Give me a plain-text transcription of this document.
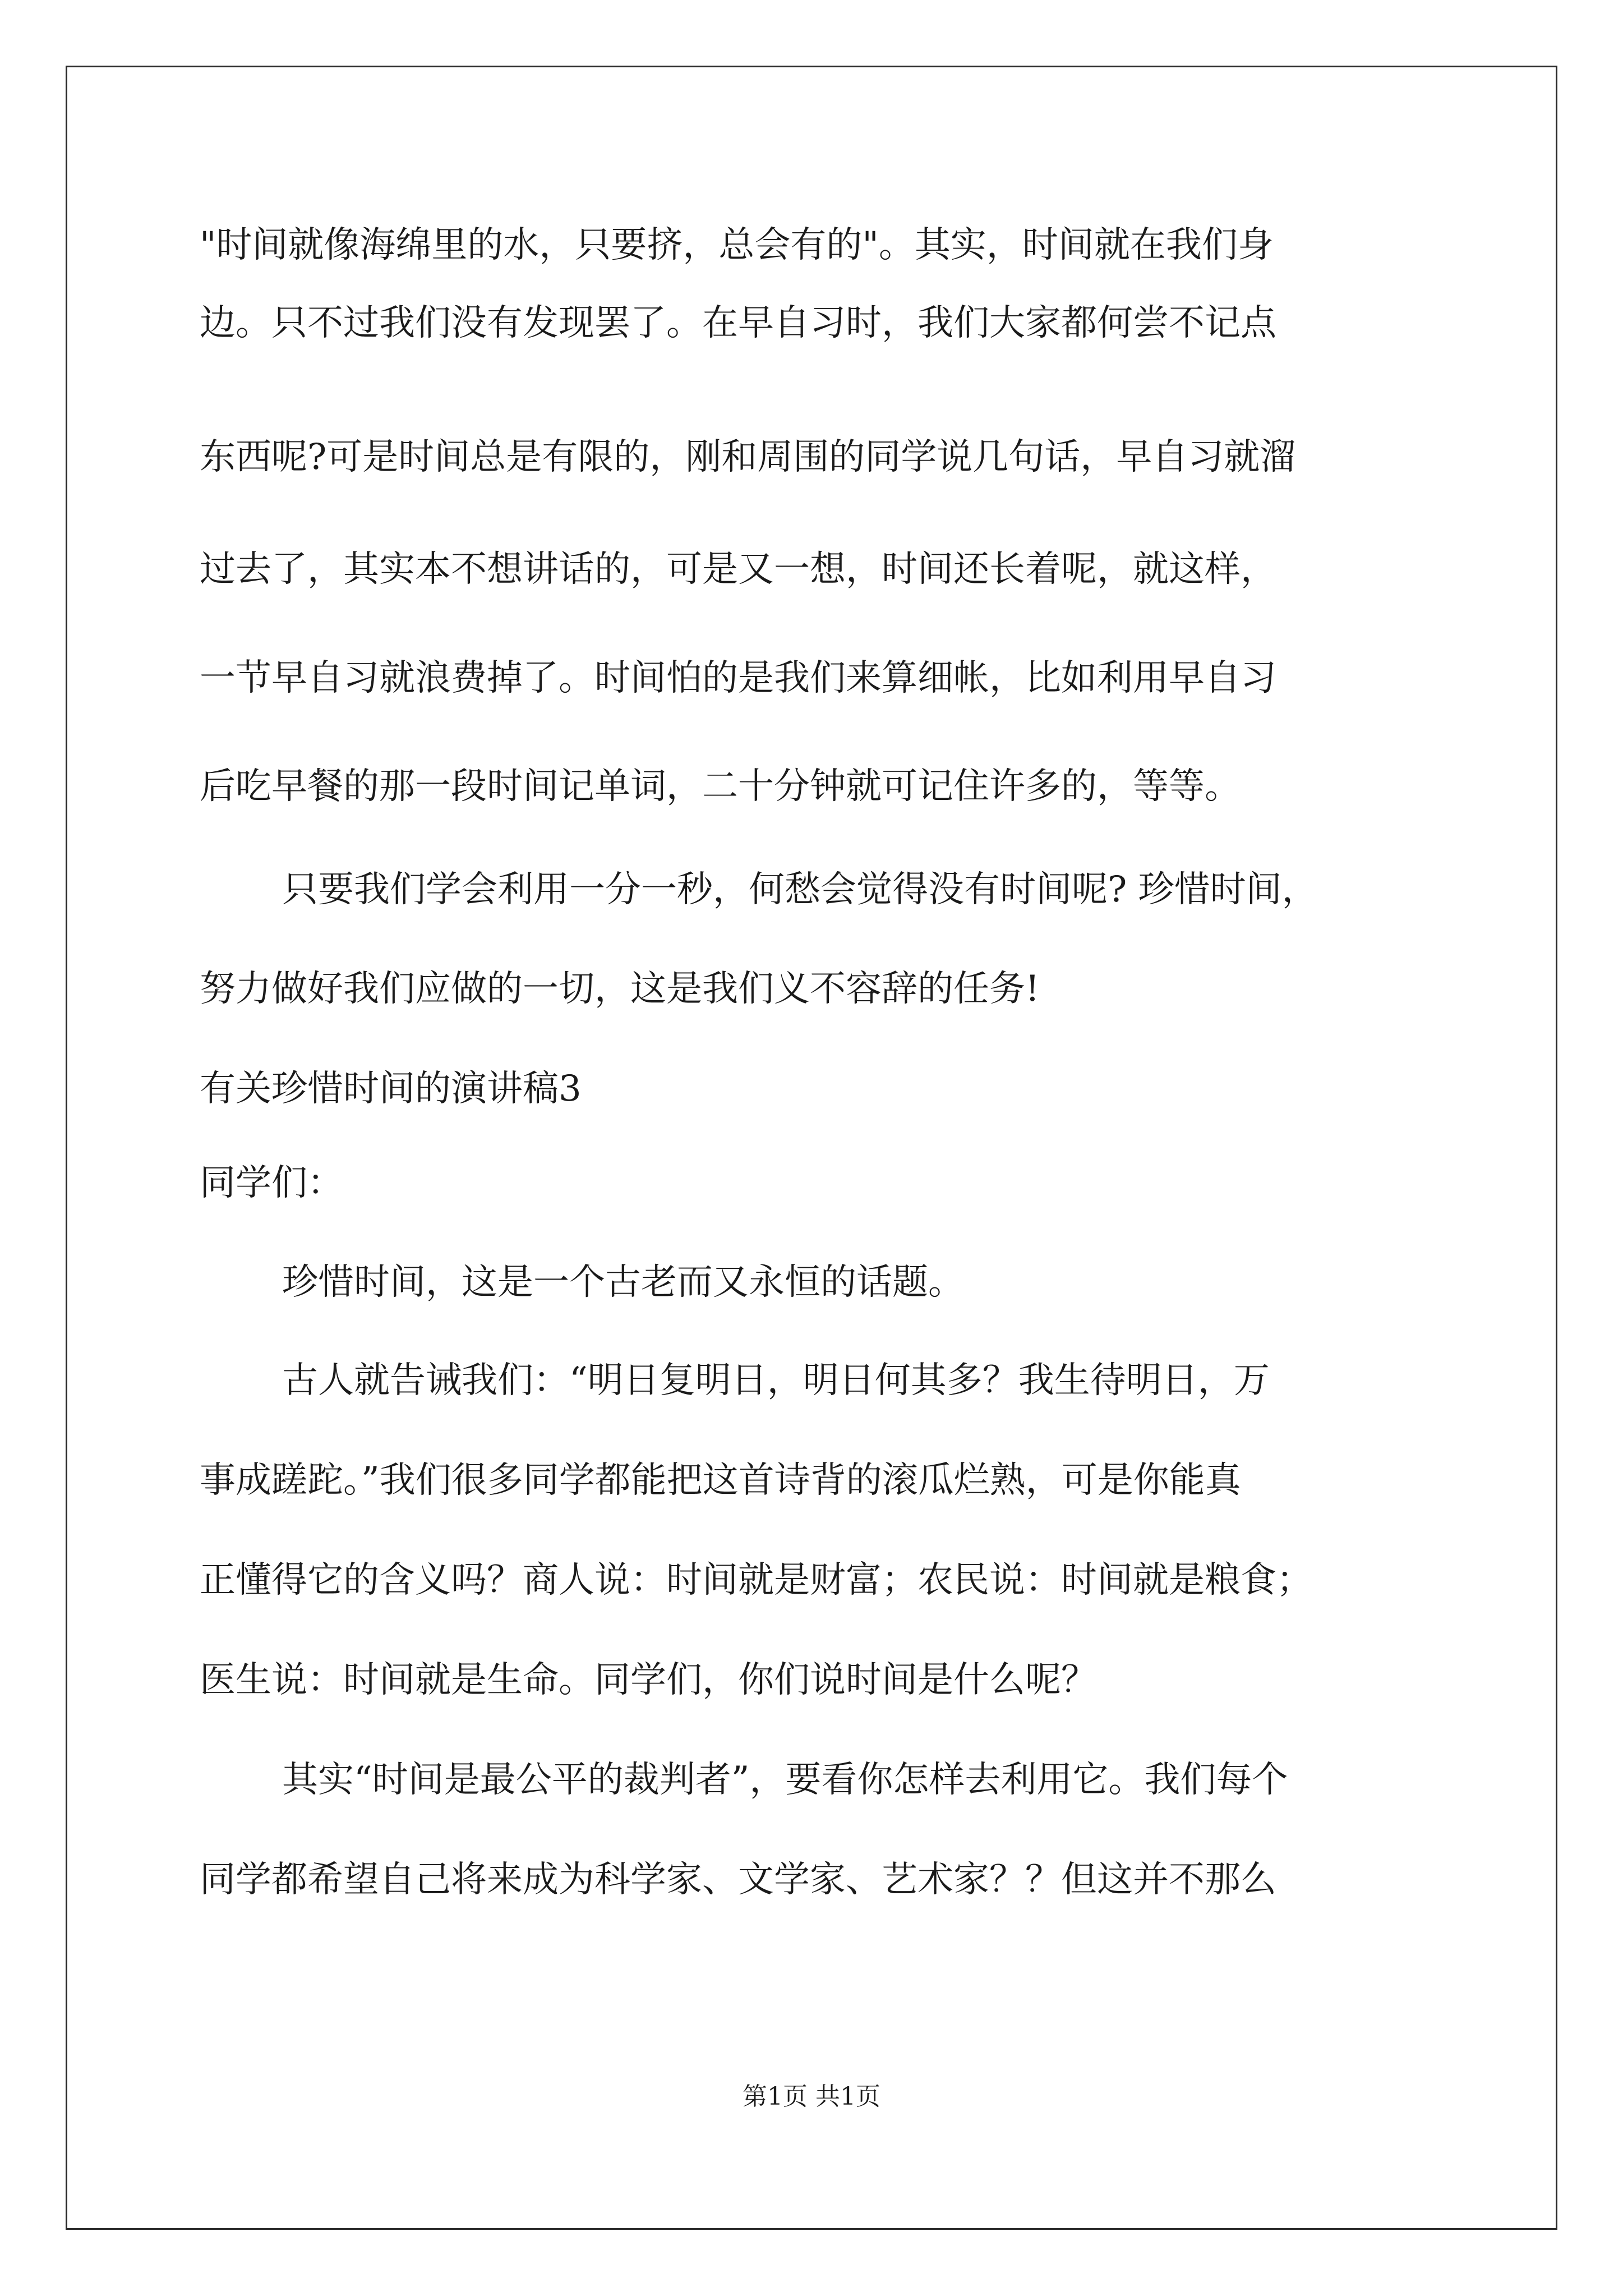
"时间就像海绵里的水，只要挤，总会有的"。其实，时间就在我们身
边。只不过我们没有发现罢了。在早自习时，我们大家都何尝不记点
东西呢?可是时间总是有限的，刚和周围的同学说几句话，早自习就溜
过去了，其实本不想讲话的，可是又一想，时间还长着呢，就这样，
一节早自习就浪费掉了。时间怕的是我们来算细帐，比如利用早自习
后吃早餐的那一段时间记单词，二十分钟就可记住许多的，等等。
只要我们学会利用一分一秒，何愁会觉得没有时间呢? 珍惜时间，
努力做好我们应做的一切，这是我们义不容辞的任务!
有关珍惜时间的演讲稿3
同学们：
珍惜时间，这是一个古老而又永恒的话题。
古人就告诫我们：“明日复明日，明日何其多？我生待明日，万
事成蹉跎。”我们很多同学都能把这首诗背的滚瓜烂熟，可是你能真
正懂得它的含义吗？商人说：时间就是财富；农民说：时间就是粮食；
医生说：时间就是生命。同学们，你们说时间是什么呢？
其实“时间是最公平的裁判者”，要看你怎样去利用它。我们每个
同学都希望自己将来成为科学家、文学家、艺术家？？但这并不那么
第1页 共1页
